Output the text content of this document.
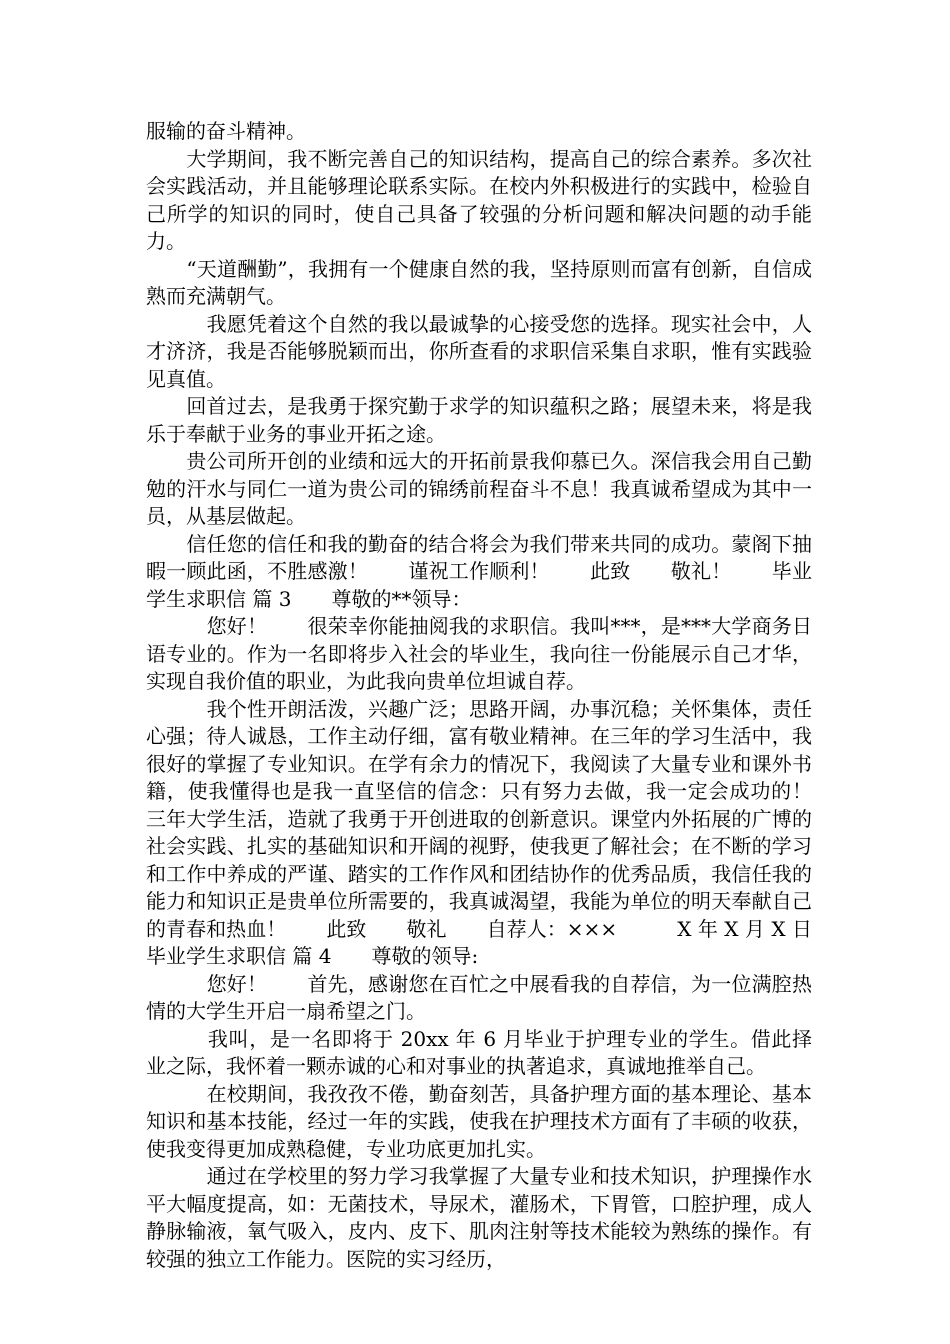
服输的奋斗精神。

　　大学期间，我不断完善自己的知识结构，提高自己的综合素养。多次社会实践活动，并且能够理论联系实际。在校内外积极进行的实践中，检验自己所学的知识的同时，使自己具备了较强的分析问题和解决问题的动手能力。

　　“天道酬勤”，我拥有一个健康自然的我，坚持原则而富有创新，自信成熟而充满朝气。

　　　我愿凭着这个自然的我以最诚挚的心接受您的选择。现实社会中，人才济济，我是否能够脱颖而出，你所查看的求职信采集自求职，惟有实践验见真值。

　　回首过去，是我勇于探究勤于求学的知识蕴积之路；展望未来，将是我乐于奉献于业务的事业开拓之途。

　　贵公司所开创的业绩和远大的开拓前景我仰慕已久。深信我会用自己勤勉的汗水与同仁一道为贵公司的锦绣前程奋斗不息！我真诚希望成为其中一员，从基层做起。

　　信任您的信任和我的勤奋的结合将会为我们带来共同的成功。蒙阁下抽暇一顾此函，不胜感激！　　谨祝工作顺利！　　此致　　敬礼！　　毕业学生求职信 篇 3　　尊敬的**领导：

　　　您好！　　很荣幸你能抽阅我的求职信。我叫***，是***大学商务日语专业的。作为一名即将步入社会的毕业生，我向往一份能展示自己才华，实现自我价值的职业，为此我向贵单位坦诚自荐。

　　　我个性开朗活泼，兴趣广泛；思路开阔，办事沉稳；关怀集体，责任心强；待人诚恳，工作主动仔细，富有敬业精神。在三年的学习生活中，我很好的掌握了专业知识。在学有余力的情况下，我阅读了大量专业和课外书籍，使我懂得也是我一直坚信的信念：只有努力去做，我一定会成功的！　　三年大学生活，造就了我勇于开创进取的创新意识。课堂内外拓展的广博的社会实践、扎实的基础知识和开阔的视野，使我更了解社会；在不断的学习和工作中养成的严谨、踏实的工作作风和团结协作的优秀品质，我信任我的能力和知识正是贵单位所需要的，我真诚渴望，我能为单位的明天奉献自己的青春和热血！　　此致　　敬礼　　自荐人：×××　　　X 年 X 月 X 日　　毕业学生求职信 篇 4　　尊敬的领导:

　　　您好！　　首先，感谢您在百忙之中展看我的自荐信，为一位满腔热情的大学生开启一扇希望之门。

　　　我叫，是一名即将于 20xx 年 6 月毕业于护理专业的学生。借此择业之际，我怀着一颗赤诚的心和对事业的执著追求，真诚地推举自己。

　　　在校期间，我孜孜不倦，勤奋刻苦，具备护理方面的基本理论、基本知识和基本技能，经过一年的实践，使我在护理技术方面有了丰硕的收获，使我变得更加成熟稳健，专业功底更加扎实。

　　　通过在学校里的努力学习我掌握了大量专业和技术知识，护理操作水平大幅度提高，如：无菌技术，导尿术，灌肠术，下胃管，口腔护理，成人静脉输液，氧气吸入，皮内、皮下、肌肉注射等技术能较为熟练的操作。有较强的独立工作能力。医院的实习经历，
